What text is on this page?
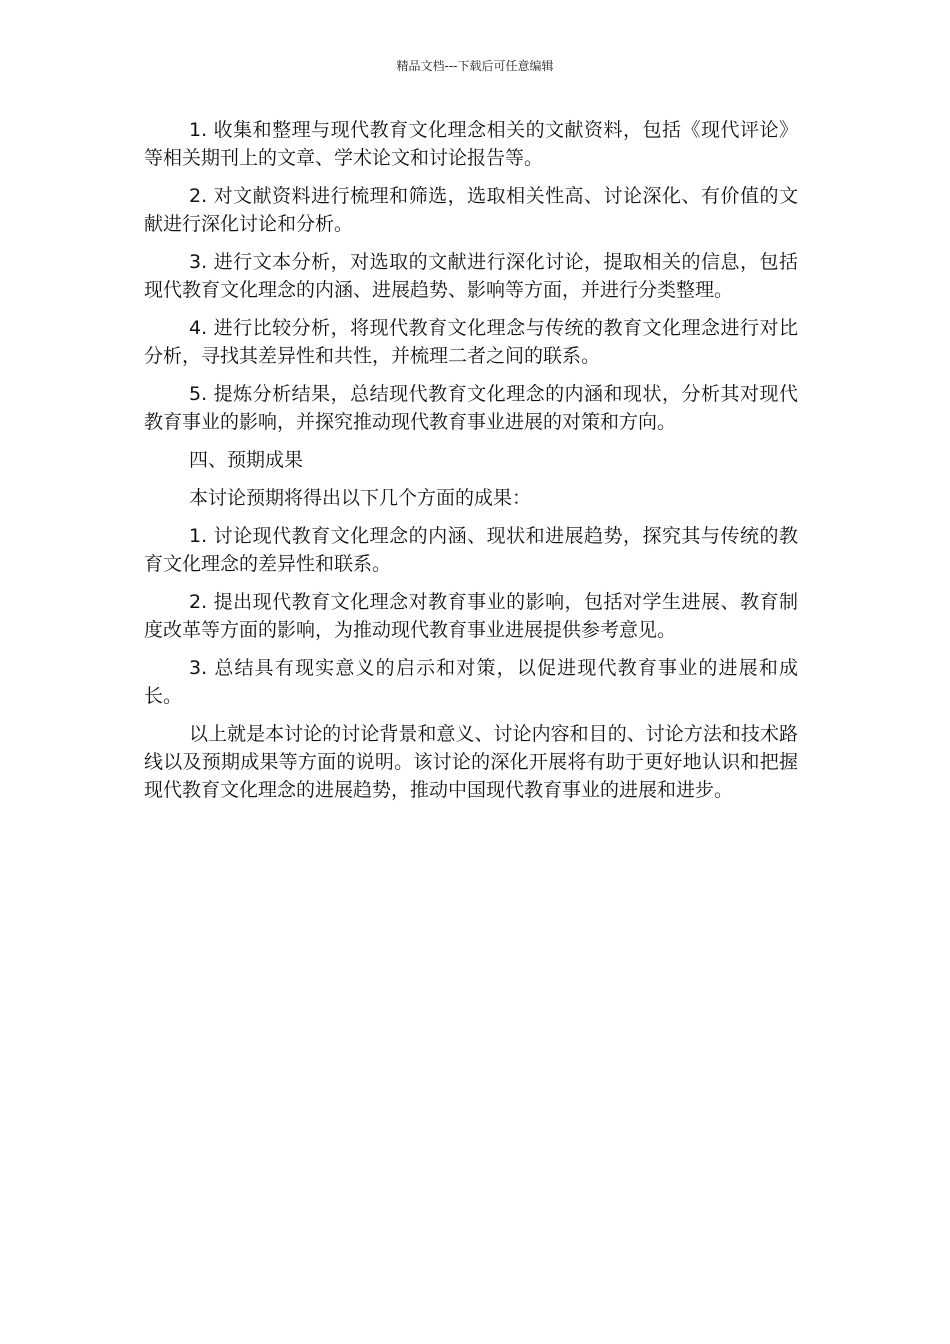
精品文档---下载后可任意编辑

1. 收集和整理与现代教育文化理念相关的文献资料，包括《现代评论》等相关期刊上的文章、学术论文和讨论报告等。

2. 对文献资料进行梳理和筛选，选取相关性高、讨论深化、有价值的文献进行深化讨论和分析。

3. 进行文本分析，对选取的文献进行深化讨论，提取相关的信息，包括现代教育文化理念的内涵、进展趋势、影响等方面，并进行分类整理。

4. 进行比较分析，将现代教育文化理念与传统的教育文化理念进行对比分析，寻找其差异性和共性，并梳理二者之间的联系。

5. 提炼分析结果，总结现代教育文化理念的内涵和现状，分析其对现代教育事业的影响，并探究推动现代教育事业进展的对策和方向。

四、预期成果

本讨论预期将得出以下几个方面的成果：

1. 讨论现代教育文化理念的内涵、现状和进展趋势，探究其与传统的教育文化理念的差异性和联系。

2. 提出现代教育文化理念对教育事业的影响，包括对学生进展、教育制度改革等方面的影响，为推动现代教育事业进展提供参考意见。

3. 总结具有现实意义的启示和对策，以促进现代教育事业的进展和成长。

以上就是本讨论的讨论背景和意义、讨论内容和目的、讨论方法和技术路线以及预期成果等方面的说明。该讨论的深化开展将有助于更好地认识和把握现代教育文化理念的进展趋势，推动中国现代教育事业的进展和进步。
